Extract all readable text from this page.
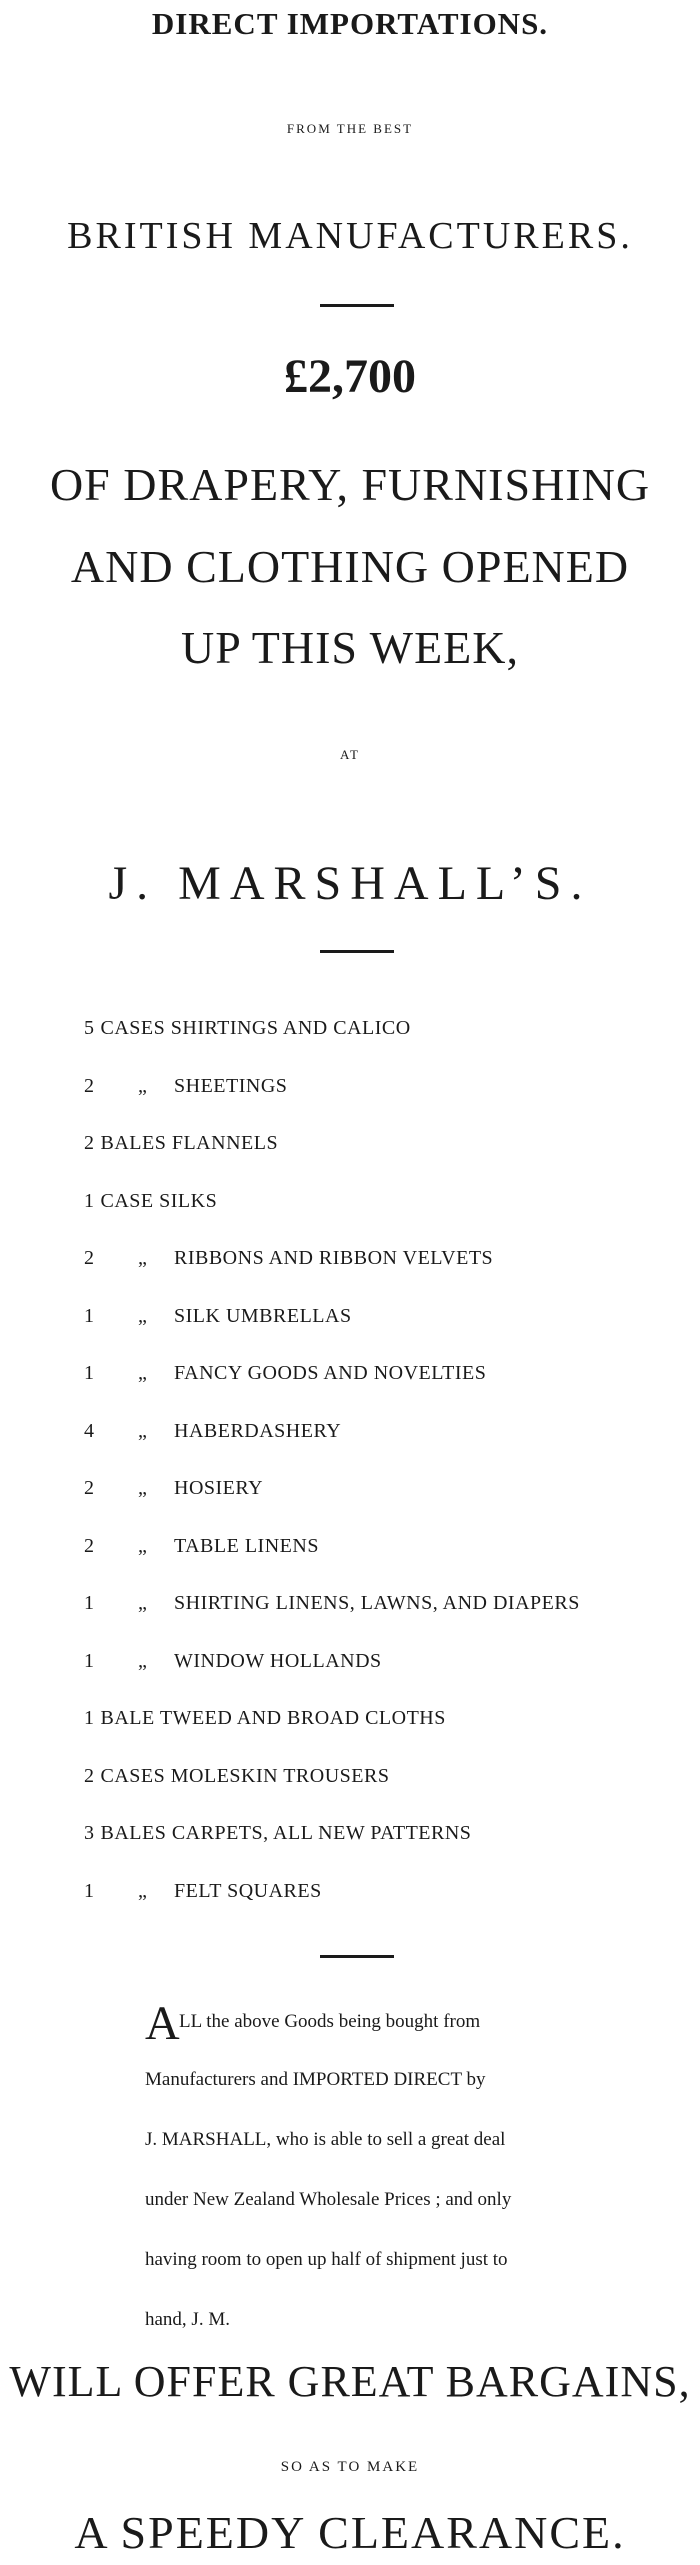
DIRECT IMPORTATIONS.
FROM THE BEST
BRITISH MANUFACTURERS.
£2,700
OF DRAPERY, FURNISHING
AND CLOTHING OPENED
UP THIS WEEK,
AT
J. MARSHALL’S.
5 CASES SHIRTINGS AND CALICO
2 „ SHEETINGS
2 BALES FLANNELS
1 CASE SILKS
2 „ RIBBONS AND RIBBON VELVETS
1 „ SILK UMBRELLAS
1 „ FANCY GOODS AND NOVELTIES
4 „ HABERDASHERY
2 „ HOSIERY
2 „ TABLE LINENS
1 „ SHIRTING LINENS, LAWNS, AND DIAPERS
1 „ WINDOW HOLLANDS
1 BALE TWEED AND BROAD CLOTHS
2 CASES MOLESKIN TROUSERS
3 BALES CARPETS, ALL NEW PATTERNS
1 „ FELT SQUARES
A LL the above Goods being bought from
Manufacturers and IMPORTED DIRECT by
J. MARSHALL, who is able to sell a great deal
under New Zealand Wholesale Prices ; and only
having room to open up half of shipment just to
hand, J. M.
WILL OFFER GREAT BARGAINS,
SO AS TO MAKE
A SPEEDY CLEARANCE.
